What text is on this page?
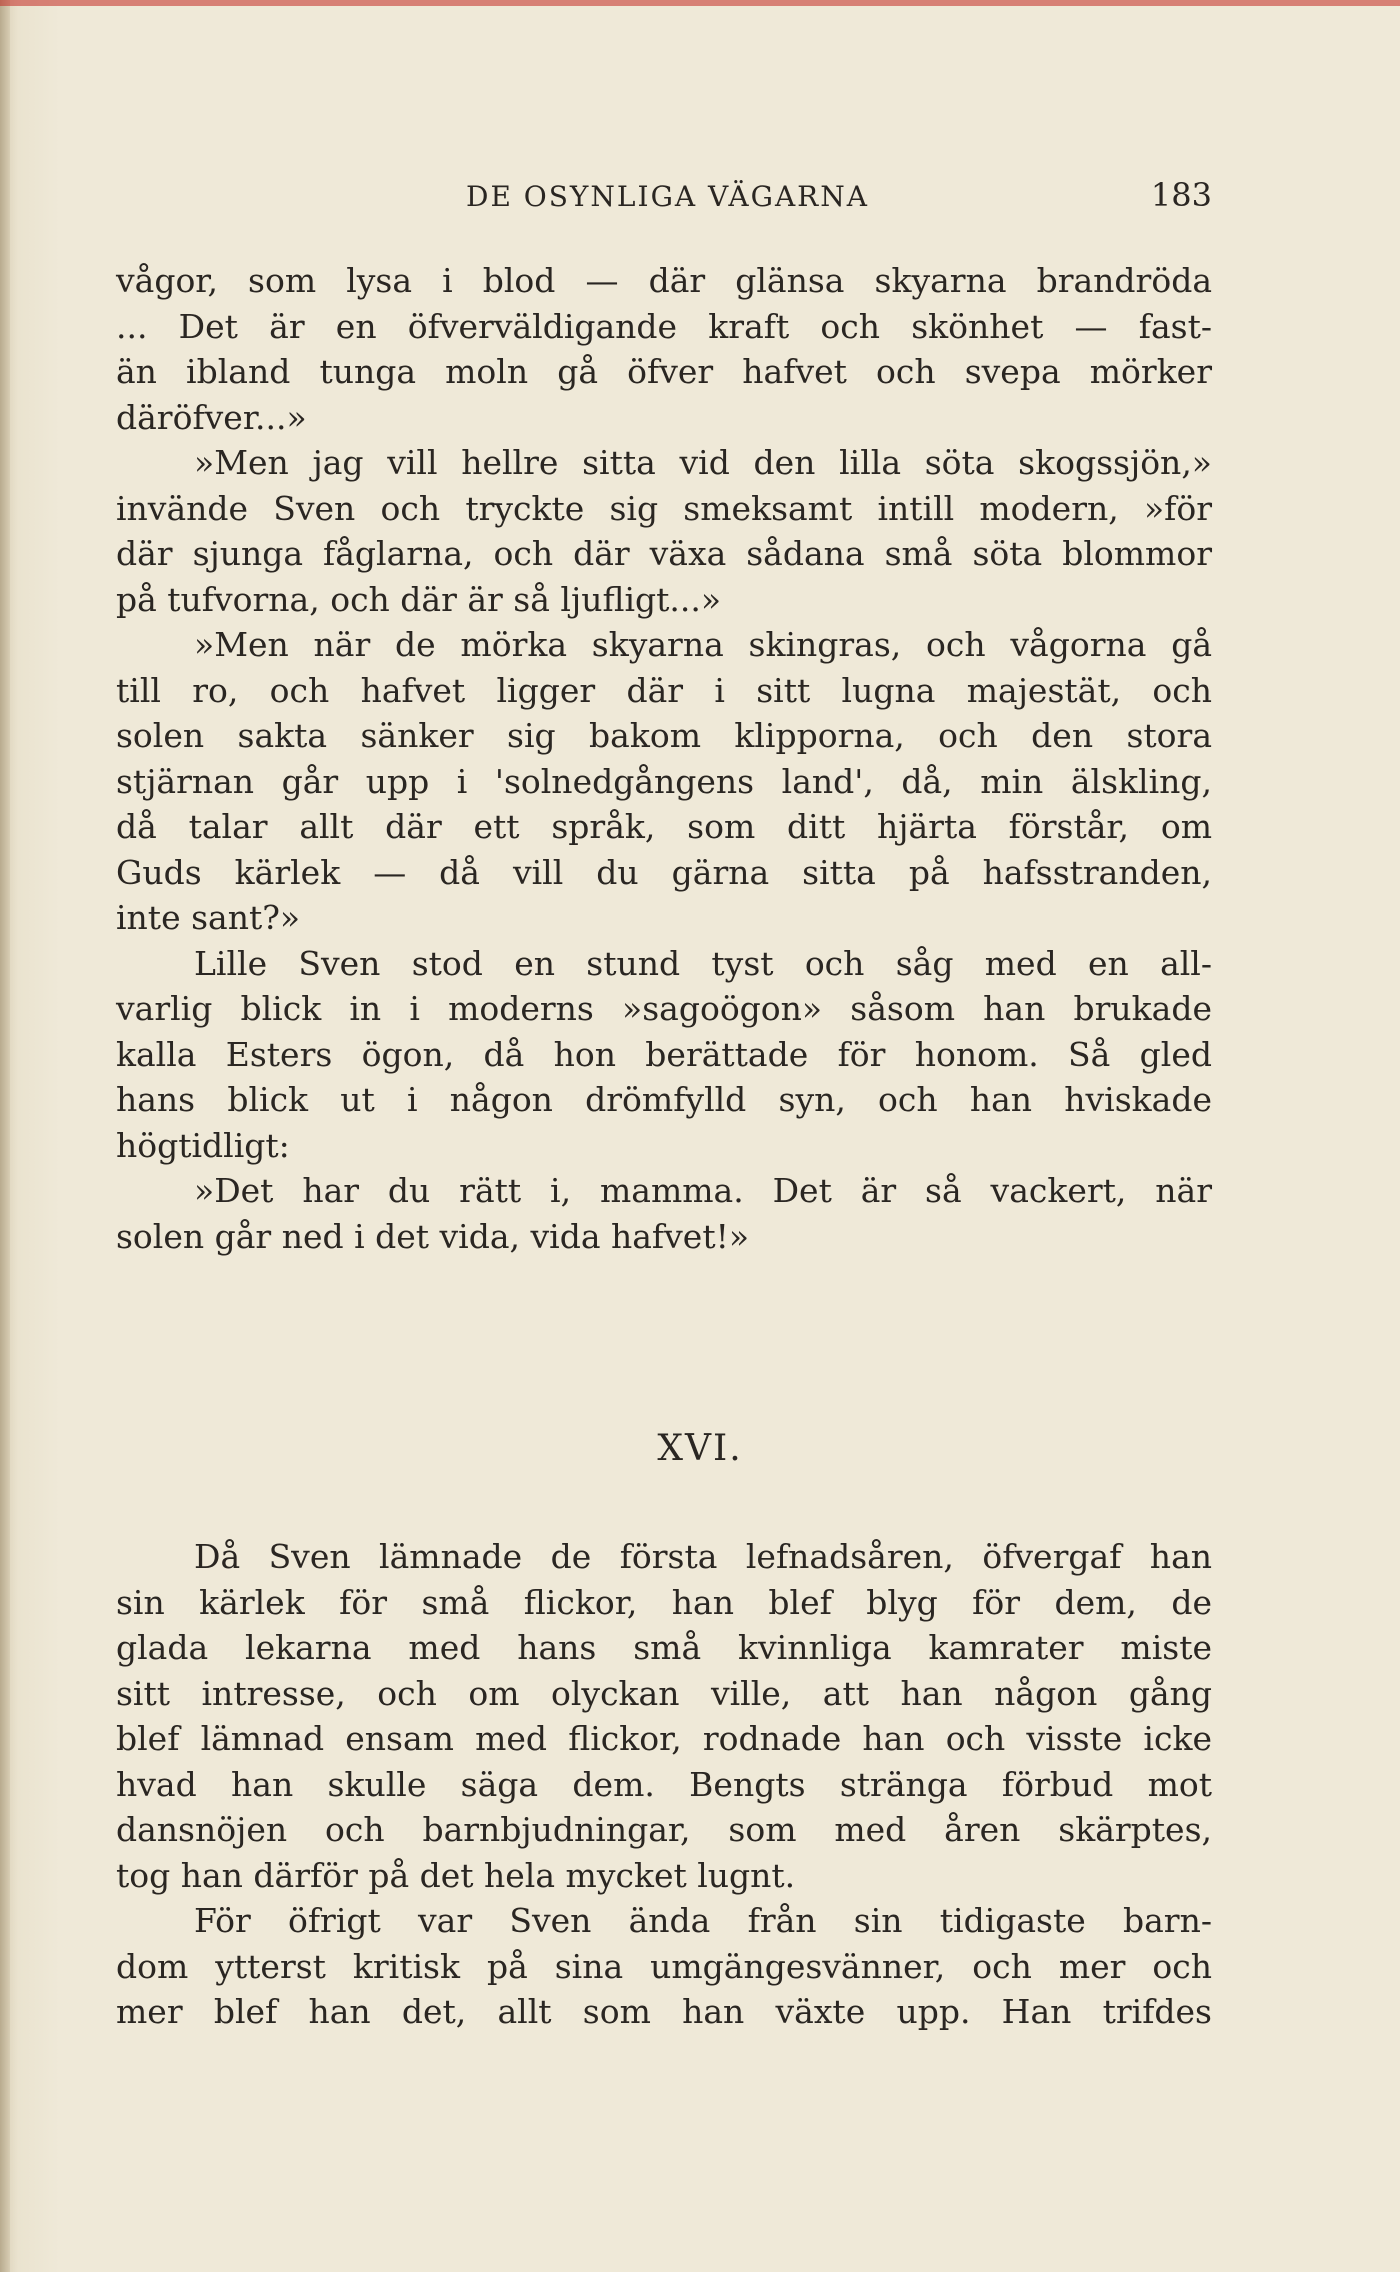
DE OSYNLIGA VÄGARNA	183
vågor, som lysa i blod — där glänsa skyarna brandröda
... Det är en öfverväldigande kraft och skönhet — fast-
än ibland tunga moln gå öfver hafvet och svepa mörker
däröfver...»
»Men jag vill hellre sitta vid den lilla söta skogssjön,»
invände Sven och tryckte sig smeksamt intill modern, »för
där sjunga fåglarna, och där växa sådana små söta blommor
på tufvorna, och där är så ljufligt...»
»Men när de mörka skyarna skingras, och vågorna gå
till ro, och hafvet ligger där i sitt lugna majestät, och
solen sakta sänker sig bakom klipporna, och den stora
stjärnan går upp i 'solnedgångens land', då, min älskling,
då talar allt där ett språk, som ditt hjärta förstår, om
Guds kärlek — då vill du gärna sitta på hafsstranden,
inte sant?»
Lille Sven stod en stund tyst och såg med en all-
varlig blick in i moderns »sagoögon» såsom han brukade
kalla Esters ögon, då hon berättade för honom. Så gled
hans blick ut i någon drömfylld syn, och han hviskade
högtidligt:
»Det har du rätt i, mamma. Det är så vackert, när
solen går ned i det vida, vida hafvet!»
XVI.
Då Sven lämnade de första lefnadsåren, öfvergaf han
sin kärlek för små flickor, han blef blyg för dem, de
glada lekarna med hans små kvinnliga kamrater miste
sitt intresse, och om olyckan ville, att han någon gång
blef lämnad ensam med flickor, rodnade han och visste icke
hvad han skulle säga dem. Bengts stränga förbud mot
dansnöjen och barnbjudningar, som med åren skärptes,
tog han därför på det hela mycket lugnt.
För öfrigt var Sven ända från sin tidigaste barn-
dom ytterst kritisk på sina umgängesvänner, och mer och
mer blef han det, allt som han växte upp. Han trifdes
